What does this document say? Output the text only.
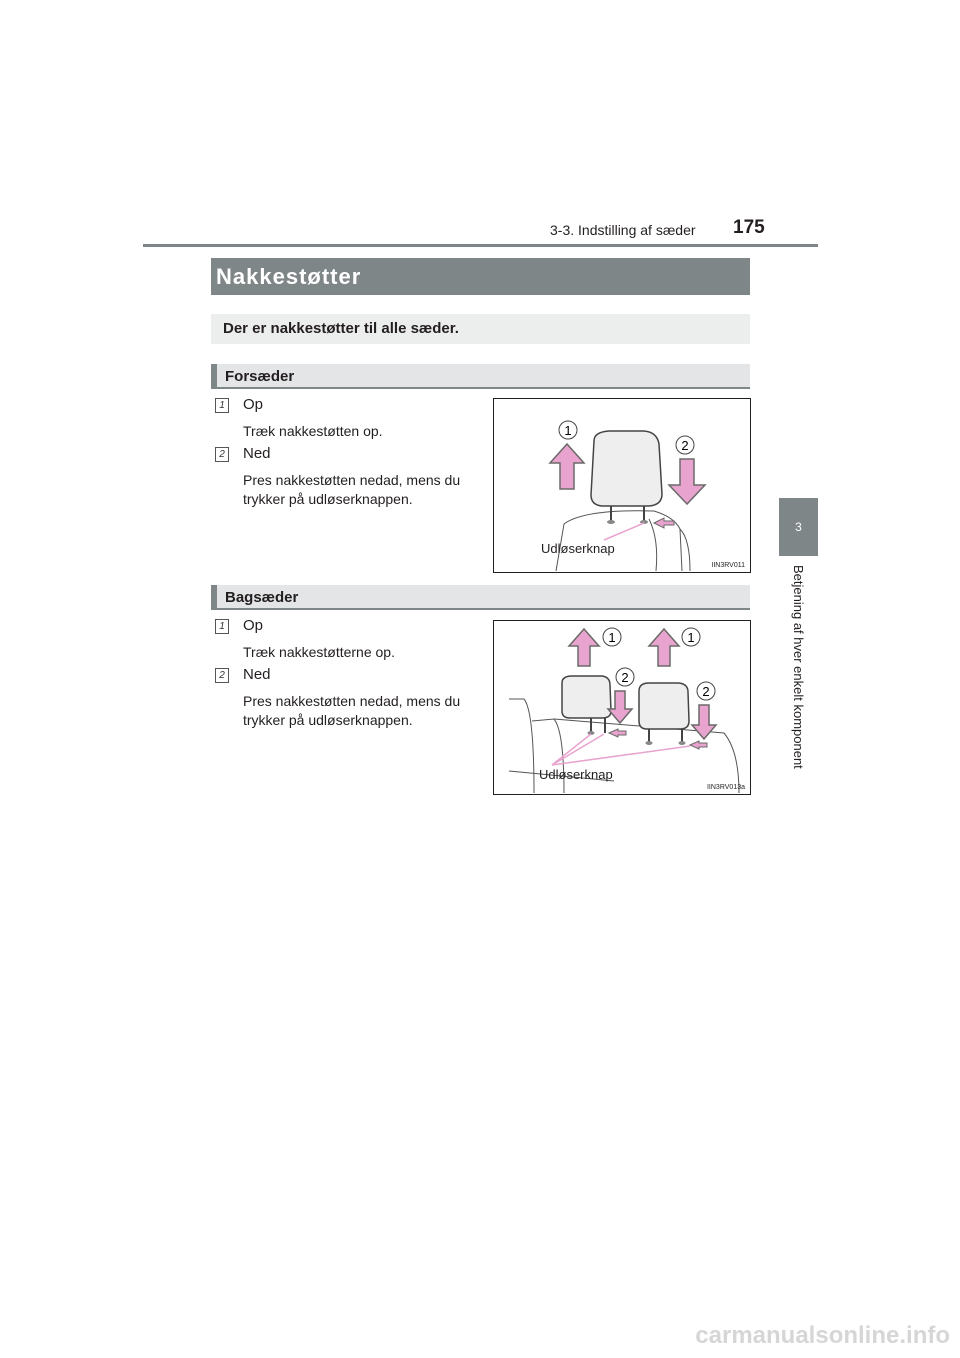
3-3. Indstilling af sæder 175
3
Betjening af hver enkelt komponent
Nakkestøtter
Der er nakkestøtter til alle sæder.
Forsæder
1 Op
Træk nakkestøtten op.
2 Ned
Pres nakkestøtten nedad, mens du trykker på udløserknappen.
1
2
Udløserknap
IIN3RV011
Bagsæder
1 Op
Træk nakkestøtterne op.
2 Ned
Pres nakkestøtten nedad, mens du trykker på udløserknappen.
1	1
2
2
Udløserknap
IIN3RV013a
carmanualsonline.info
